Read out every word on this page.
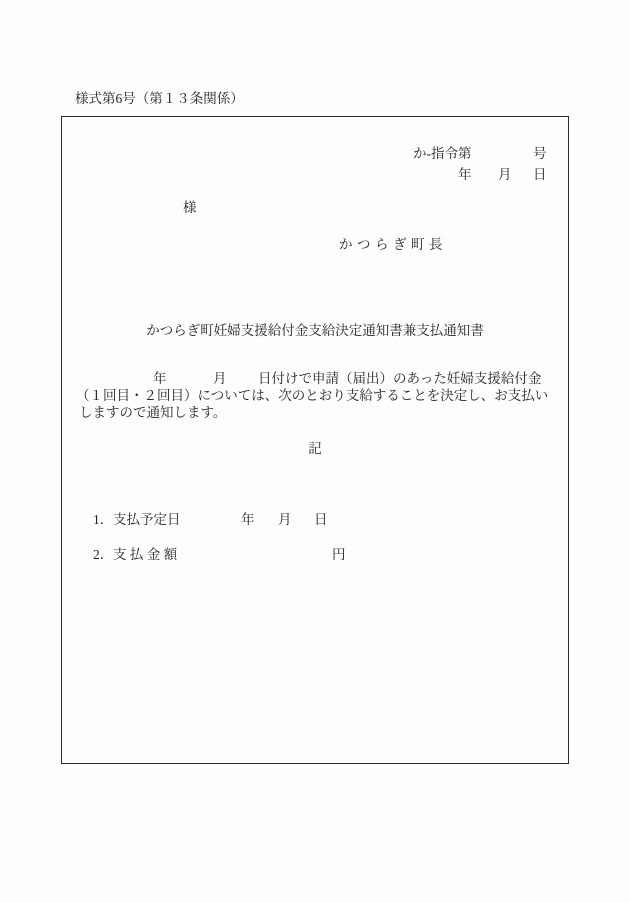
様式第6号（第１３条関係）
か-指令第	号
年 月 日
様
かつらぎ町長
かつらぎ町妊婦支援給付金支給決定通知書兼支払通知書
年	月 日付けで申請（届出）のあった妊婦支援給付金
（１回目・２回目）については、次のとおり支給することを決定し、お支払い
しますので通知します。
記
1． 支払予定日	年 月 日
2． 支 払 金 額	円
